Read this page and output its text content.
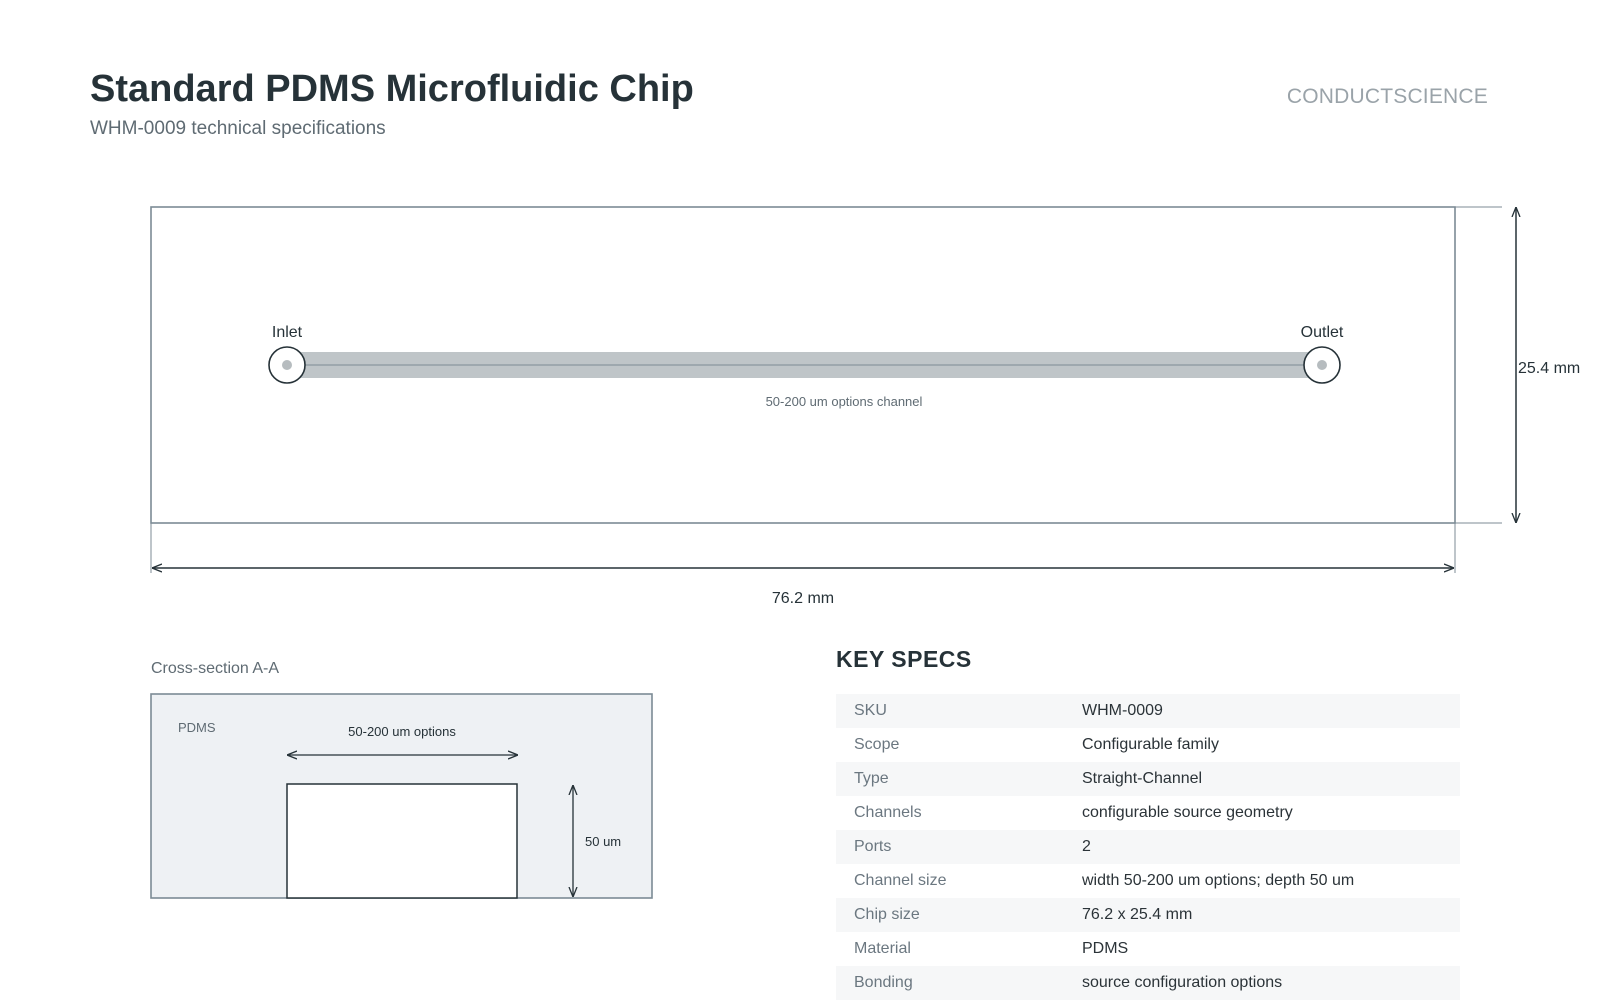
Standard PDMS Microfluidic Chip
WHM-0009 technical specifications
CONDUCTSCIENCE
Inlet	Outlet
50-200 um options channel
76.2 mm
25.4 mm
Cross-section A-A
PDMS	50-200 um options
50 um
KEY SPECS
SKU	WHM-0009
Scope	Configurable family
Type	Straight-Channel
Channels	configurable source geometry
Ports	2
Channel size	width 50-200 um options; depth 50 um
Chip size	76.2 x 25.4 mm
Material	PDMS
Bonding	source configuration options
